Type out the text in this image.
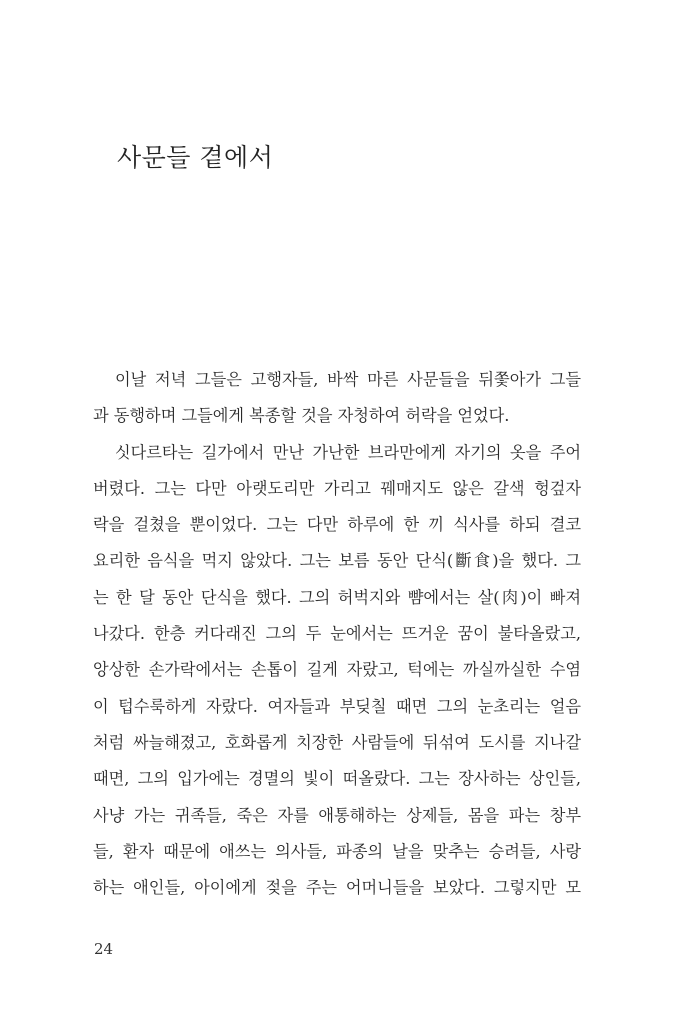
사문들 곁에서
이날 저녁 그들은 고행자들, 바싹 마른 사문들을 뒤쫓아가 그들
과 동행하며 그들에게 복종할 것을 자청하여 허락을 얻었다.
싯다르타는 길가에서 만난 가난한 브라만에게 자기의 옷을 주어
버렸다. 그는 다만 아랫도리만 가리고 꿰매지도 않은 갈색 헝겊자
락을 걸쳤을 뿐이었다. 그는 다만 하루에 한 끼 식사를 하되 결코
요리한 음식을 먹지 않았다. 그는 보름 동안 단식(斷食)을 했다. 그
는 한 달 동안 단식을 했다. 그의 허벅지와 뺨에서는 살(肉)이 빠져
나갔다. 한층 커다래진 그의 두 눈에서는 뜨거운 꿈이 불타올랐고,
앙상한 손가락에서는 손톱이 길게 자랐고, 턱에는 까실까실한 수염
이 텁수룩하게 자랐다. 여자들과 부딪칠 때면 그의 눈초리는 얼음
처럼 싸늘해졌고, 호화롭게 치장한 사람들에 뒤섞여 도시를 지나갈
때면, 그의 입가에는 경멸의 빛이 떠올랐다. 그는 장사하는 상인들,
사냥 가는 귀족들, 죽은 자를 애통해하는 상제들, 몸을 파는 창부
들, 환자 때문에 애쓰는 의사들, 파종의 날을 맞추는 승려들, 사랑
하는 애인들, 아이에게 젖을 주는 어머니들을 보았다. 그렇지만 모
24
